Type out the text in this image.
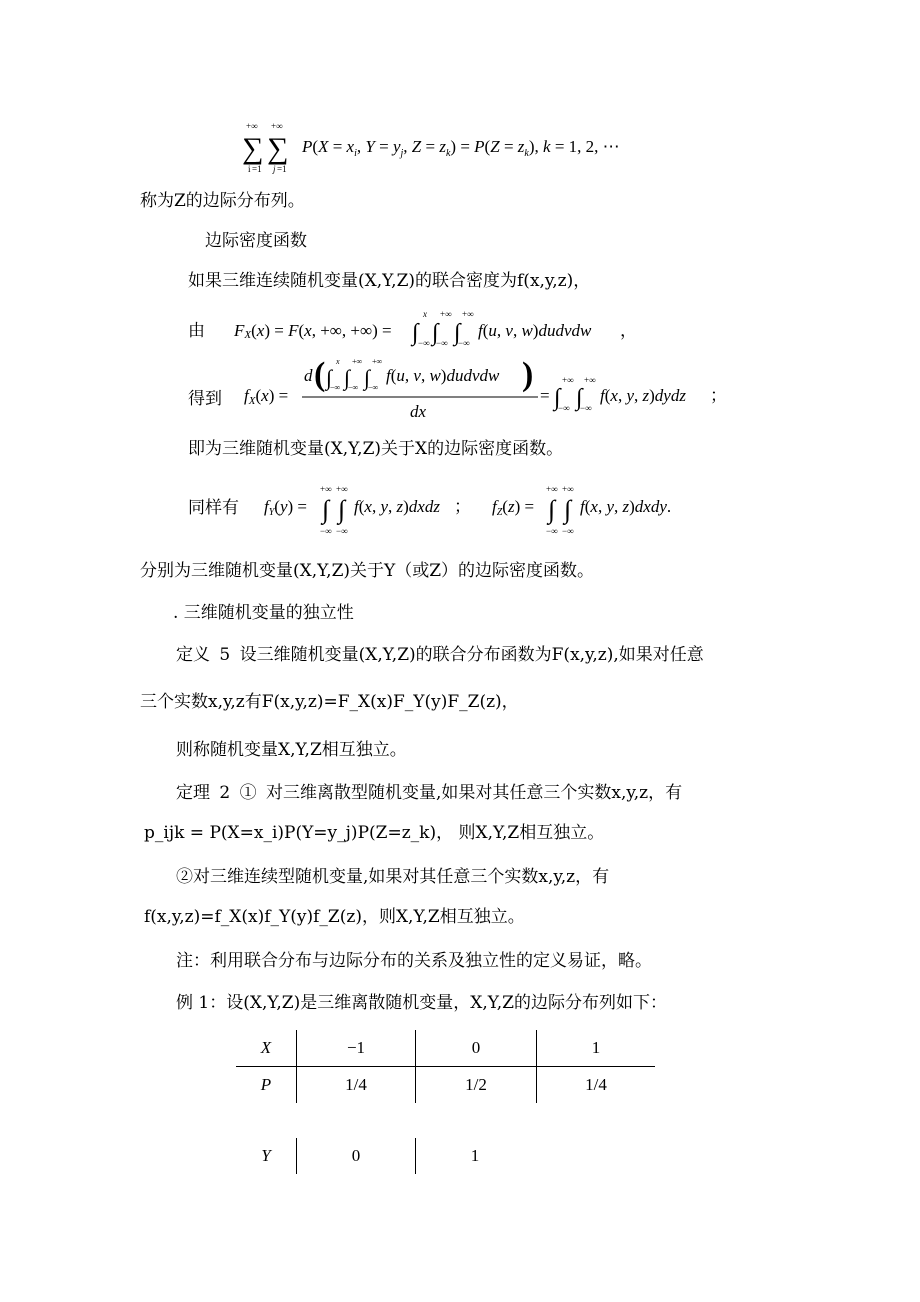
+∞
∑
i =1
+∞
∑
j =1
$P(X = x_i$, $Y = y_j$, $Z = z_k) = P(Z = z_k)$, k = 1, 2, ⋯
称为Z的边际分布列。
边际密度函数
如果三维连续随机变量(X,Y,Z)的联合密度为f(x,y,z)，
由 FX(x) = F(x, +∞, +∞) = ∫
x
−∞ ∫
+∞
−∞ ∫
+∞
−∞
f(u, v, w)dudvdw ，
得到 fX(x) =
d ( ∫
x
−∞ ∫
+∞
−∞ ∫
+∞
−∞
f(u, v, w)dudvdw )
dx
= ∫
+∞
−∞ ∫
+∞
−∞
f(x, y, z)dydz ；
即为三维随机变量(X,Y,Z)关于X的边际密度函数。
同样有 fY(y) =
+∞
∫
−∞
+∞
∫
−∞
f(x, y, z)dxdz ； fZ(z) =
+∞
∫
−∞
+∞
∫
−∞
f(x, y, z)dxdy.
分别为三维随机变量(X,Y,Z)关于Y（或Z）的边际密度函数。
. 三维随机变量的独立性
定义 5 设三维随机变量(X,Y,Z)的联合分布函数为F(x,y,z),如果对任意
三个实数x,y,z有F(x,y,z)=F_X(x)F_Y(y)F_Z(z)，
则称随机变量X,Y,Z相互独立。
定理 2 ① 对三维离散型随机变量,如果对其任意三个实数x,y,z，有
p_ijk = P(X=x_i)P(Y=y_j)P(Z=z_k)， 则X,Y,Z相互独立。
②对三维连续型随机变量,如果对其任意三个实数x,y,z，有
f(x,y,z)=f_X(x)f_Y(y)f_Z(z)，则X,Y,Z相互独立。
注：利用联合分布与边际分布的关系及独立性的定义易证，略。
例 1：设(X,Y,Z)是三维离散随机变量，X,Y,Z的边际分布列如下：
X	−1	0	1
P	1/4	1/2	1/4
Y	0	1
